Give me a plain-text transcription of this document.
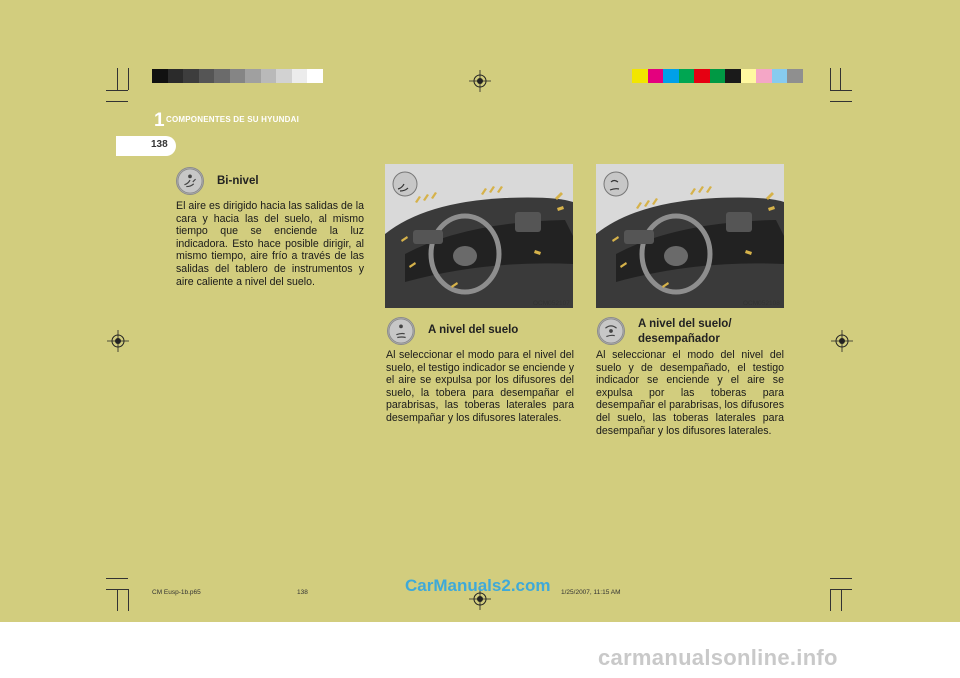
1 COMPONENTES DE SU HYUNDAI
138
Bi-nivel
El aire es dirigido hacia las salidas de la cara y hacia las del suelo, al mismo tiempo que se enciende la luz indicadora. Esto hace posible dirigir, al mismo tiempo, aire frío a través de las salidas del tablero de instrumentos y aire caliente a nivel del suelo.
OCM052107
A nivel del suelo
Al seleccionar el modo para el nivel del suelo, el testigo indicador se enciende y el aire se expulsa por los difusores del suelo, la tobera para desempañar el parabrisas, las toberas laterales para desempañar y los difusores laterales.
OCM052108
A nivel del suelo/
desempañador
Al seleccionar el modo del nivel del suelo y de desempañado, el testigo indicador se enciende y el aire se expulsa por las toberas para desempañar el parabrisas, los difusores del suelo, las toberas laterales para desempañar y los difusores laterales.
CM Eusp-1b.p65	138	1/25/2007, 11:15 AM
CarManuals2.com
carmanualsonline.info
